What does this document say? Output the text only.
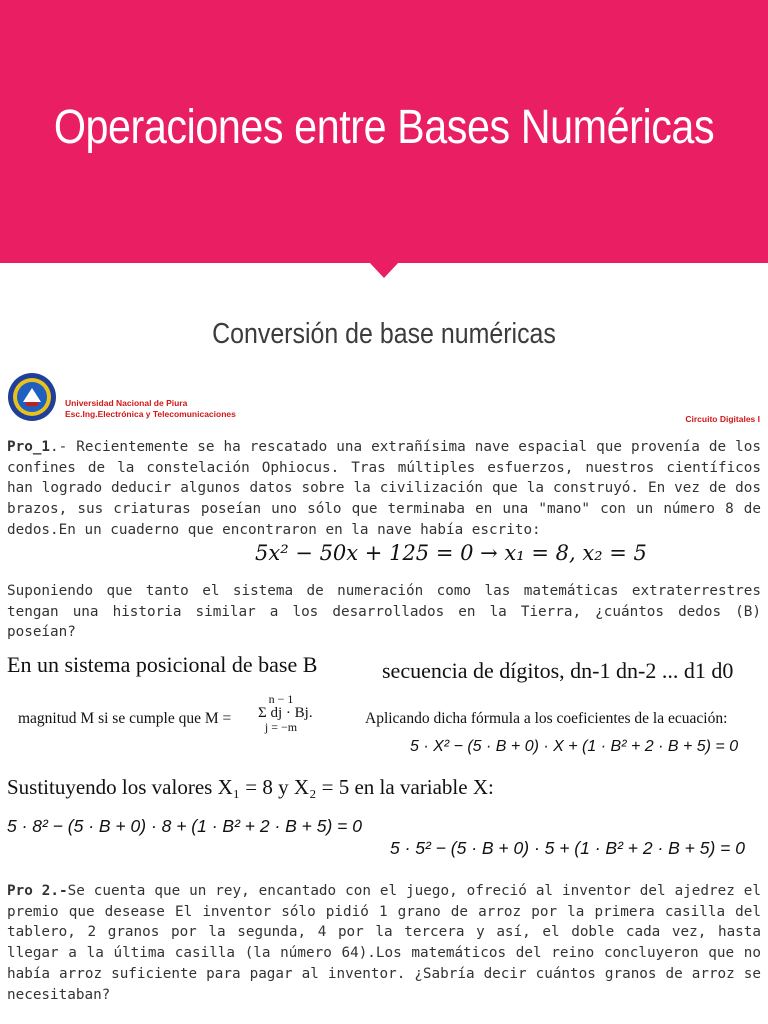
Operaciones entre Bases Numéricas
Conversión de base numéricas
Universidad Nacional de Piura
Esc.Ing.Electrónica y Telecomunicaciones	Circuito Digitales I

Pro_1.- Recientemente se ha rescatado una extrañísima nave espacial que provenía de los confines de la constelación Ophiocus. Tras múltiples esfuerzos, nuestros científicos han logrado deducir algunos datos sobre la civilización que la construyó. En vez de dos brazos, sus criaturas poseían uno sólo que terminaba en una "mano" con un número 8 de dedos.En un cuaderno que encontraron en la nave había escrito:

5x² − 50x + 125 = 0 → x₁ = 8, x₂ = 5

Suponiendo que tanto el sistema de numeración como las matemáticas extraterrestres tengan una historia similar a los desarrollados en la Tierra, ¿cuántos dedos (B) poseían?

En un sistema posicional de base B	secuencia de dígitos, dn-1 dn-2 ... d1 d0
magnitud M si se cumple que M =
n − 1
Σ dj · Bj.
j = −m	Aplicando dicha fórmula a los coeficientes de la ecuación:
5 · X² − (5 · B + 0) · X + (1 · B² + 2 · B + 5) = 0
Sustituyendo los valores X₁ = 8 y X₂ = 5 en la variable X:
5 · 8² − (5 · B + 0) · 8 + (1 · B² + 2 · B + 5) = 0
5 · 5² − (5 · B + 0) · 5 + (1 · B² + 2 · B + 5) = 0

Pro 2.-Se cuenta que un rey, encantado con el juego, ofreció al inventor del ajedrez el premio que desease El inventor sólo pidió 1 grano de arroz por la primera casilla del tablero, 2 granos por la segunda, 4 por la tercera y así, el doble cada vez, hasta llegar a la última casilla (la número 64).Los matemáticos del reino concluyeron que no había arroz suficiente para pagar al inventor. ¿Sabría decir cuántos granos de arroz se necesitaban?
